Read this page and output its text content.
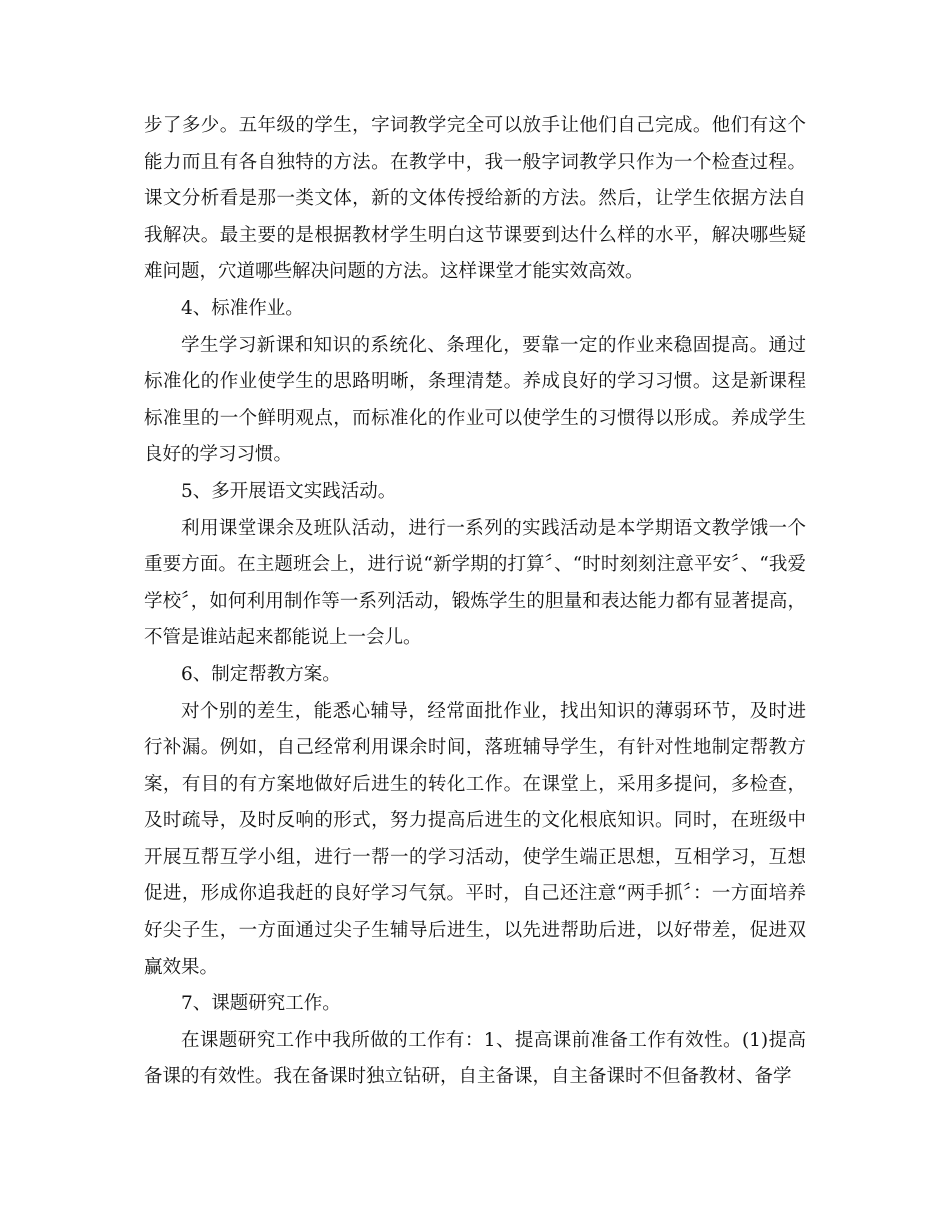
步了多少。五年级的学生，字词教学完全可以放手让他们自己完成。他们有这个能力而且有各自独特的方法。在教学中，我一般字词教学只作为一个检查过程。课文分析看是那一类文体，新的文体传授给新的方法。然后，让学生依据方法自我解决。最主要的是根据教材学生明白这节课要到达什么样的水平，解决哪些疑难问题，穴道哪些解决问题的方法。这样课堂才能实效高效。

4、标准作业。

学生学习新课和知识的系统化、条理化，要靠一定的作业来稳固提高。通过标准化的作业使学生的思路明晰，条理清楚。养成良好的学习习惯。这是新课程标准里的一个鲜明观点，而标准化的作业可以使学生的习惯得以形成。养成学生良好的学习习惯。

5、多开展语文实践活动。

利用课堂课余及班队活动，进行一系列的实践活动是本学期语文教学饿一个重要方面。在主题班会上，进行说“新学期的打算〞、“时时刻刻注意平安〞、“我爱学校〞，如何利用制作等一系列活动，锻炼学生的胆量和表达能力都有显著提高，不管是谁站起来都能说上一会儿。

6、制定帮教方案。

对个别的差生，能悉心辅导，经常面批作业，找出知识的薄弱环节，及时进行补漏。例如，自己经常利用课余时间，落班辅导学生，有针对性地制定帮教方案，有目的有方案地做好后进生的转化工作。在课堂上，采用多提问，多检查，及时疏导，及时反响的形式，努力提高后进生的文化根底知识。同时，在班级中开展互帮互学小组，进行一帮一的学习活动，使学生端正思想，互相学习，互想促进，形成你追我赶的良好学习气氛。平时，自己还注意“两手抓〞：一方面培养好尖子生，一方面通过尖子生辅导后进生，以先进帮助后进，以好带差，促进双赢效果。

7、课题研究工作。

在课题研究工作中我所做的工作有：1、提高课前准备工作有效性。(1)提高备课的有效性。我在备课时独立钻研，自主备课，自主备课时不但备教材、备学
